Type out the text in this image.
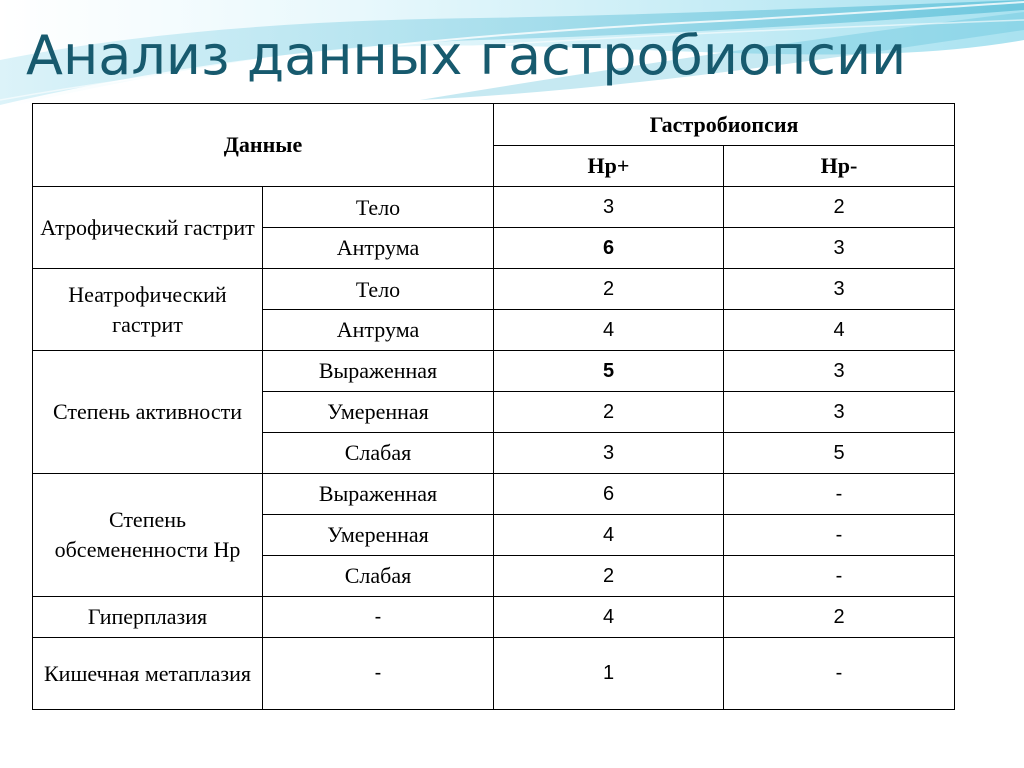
Анализ данных гастробиопсии
Данные		Гастробиопсия	
		Hp+	Hp-
Атрофический гастрит	Тело	3	2
	Антрума	6	3
Неатрофический гастрит	Тело	2	3
	Антрума	4	4
Степень активности	Выраженная	5	3
	Умеренная	2	3
	Слабая	3	5
Степень обсемененности Hp	Выраженная	6	-
	Умеренная	4	-
	Слабая	2	-
Гиперплазия	-	4	2
Кишечная метаплазия	-	1	-
